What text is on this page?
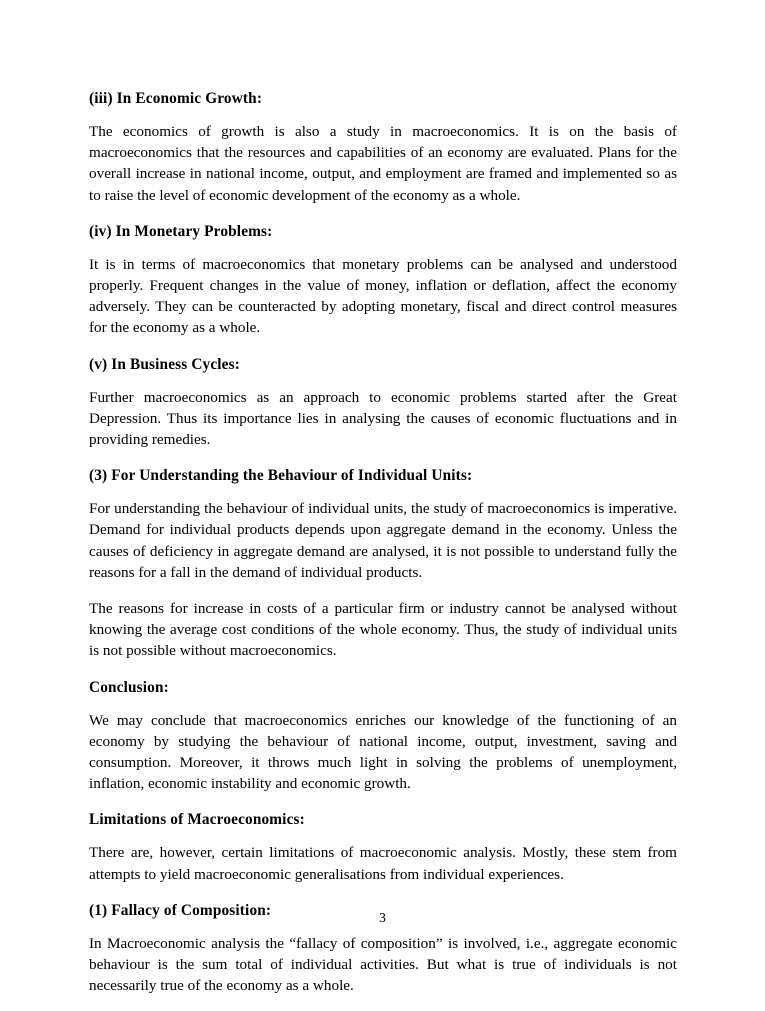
(iii) In Economic Growth:

The economics of growth is also a study in macroeconomics. It is on the basis of macroeconomics that the resources and capabilities of an economy are evaluated. Plans for the overall increase in national income, output, and employment are framed and implemented so as to raise the level of economic development of the economy as a whole.

(iv) In Monetary Problems:

It is in terms of macroeconomics that monetary problems can be analysed and understood properly. Frequent changes in the value of money, inflation or deflation, affect the economy adversely. They can be counteracted by adopting monetary, fiscal and direct control measures for the economy as a whole.

(v) In Business Cycles:

Further macroeconomics as an approach to economic problems started after the Great Depression. Thus its importance lies in analysing the causes of economic fluctuations and in providing remedies.

(3) For Understanding the Behaviour of Individual Units:

For understanding the behaviour of individual units, the study of macroeconomics is imperative. Demand for individual products depends upon aggregate demand in the economy. Unless the causes of deficiency in aggregate demand are analysed, it is not possible to understand fully the reasons for a fall in the demand of individual products.

The reasons for increase in costs of a particular firm or industry cannot be analysed without knowing the average cost conditions of the whole economy. Thus, the study of individual units is not possible without macroeconomics.

Conclusion:

We may conclude that macroeconomics enriches our knowledge of the functioning of an economy by studying the behaviour of national income, output, investment, saving and consumption. Moreover, it throws much light in solving the problems of unemployment, inflation, economic instability and economic growth.

Limitations of Macroeconomics:

There are, however, certain limitations of macroeconomic analysis. Mostly, these stem from attempts to yield macroeconomic generalisations from individual experiences.

(1) Fallacy of Composition:

In Macroeconomic analysis the “fallacy of composition” is involved, i.e., aggregate economic behaviour is the sum total of individual activities. But what is true of individuals is not necessarily true of the economy as a whole.

3
